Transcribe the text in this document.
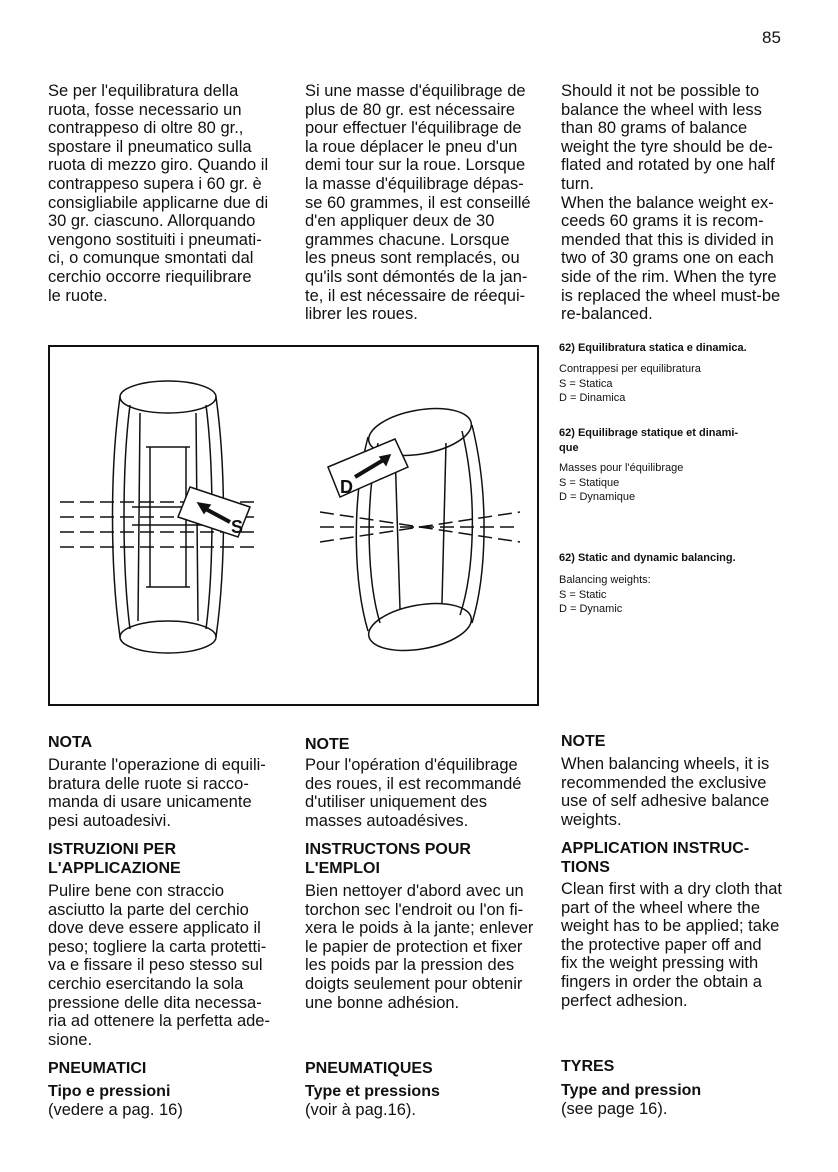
85
Se per l'equilibratura della
ruota, fosse necessario un
contrappeso di oltre 80 gr.,
spostare il pneumatico sulla
ruota di mezzo giro. Quando il
contrappeso supera i 60 gr. è
consigliabile applicarne due di
30 gr. ciascuno. Allorquando
vengono sostituiti i pneumati-
ci, o comunque smontati dal
cerchio occorre riequilibrare
le ruote.
Si une masse d'équilibrage de
plus de 80 gr. est nécessaire
pour effectuer l'équilibrage de
la roue déplacer le pneu d'un
demi tour sur la roue. Lorsque
la masse d'équilibrage dépas-
se 60 grammes, il est conseillé
d'en appliquer deux de 30
grammes chacune. Lorsque
les pneus sont remplacés, ou
qu'ils sont démontés de la jan-
te, il est nécessaire de réequi-
librer les roues.
Should it not be possible to
balance the wheel with less
than 80 grams of balance
weight the tyre should be de-
flated and rotated by one half
turn.
When the balance weight ex-
ceeds 60 grams it is recom-
mended that this is divided in
two of 30 grams one on each
side of the rim. When the tyre
is replaced the wheel must-be
re-balanced.
S
D
62) Equilibratura statica e dinamica.
Contrappesi per equilibratura
S = Statica
D = Dinamica
62) Equilibrage statique et dinami-
que
Masses pour l'équilibrage
S = Statique
D = Dynamique
62) Static and dynamic balancing.
Balancing weights:
S = Static
D = Dynamic
NOTA
Durante l'operazione di equili-
bratura delle ruote si racco-
manda di usare unicamente
pesi autoadesivi.
ISTRUZIONI PER
L'APPLICAZIONE
Pulire bene con straccio
asciutto la parte del cerchio
dove deve essere applicato il
peso; togliere la carta protetti-
va e fissare il peso stesso sul
cerchio esercitando la sola
pressione delle dita necessa-
ria ad ottenere la perfetta ade-
sione.
PNEUMATICI
Tipo e pressioni
(vedere a pag. 16)
NOTE
Pour l'opération d'équilibrage
des roues, il est recommandé
d'utiliser uniquement des
masses autoadésives.
INSTRUCTONS POUR
L'EMPLOI
Bien nettoyer d'abord avec un
torchon sec l'endroit ou l'on fi-
xera le poids à la jante; enlever
le papier de protection et fixer
les poids par la pression des
doigts seulement pour obtenir
une bonne adhésion.
PNEUMATIQUES
Type et pressions
(voir à pag.16).
NOTE
When balancing wheels, it is
recommended the exclusive
use of self adhesive balance
weights.
APPLICATION INSTRUC-
TIONS
Clean first with a dry cloth that
part of the wheel where the
weight has to be applied; take
the protective paper off and
fix the weight pressing with
fingers in order the obtain a
perfect adhesion.
TYRES
Type and pression
(see page 16).
